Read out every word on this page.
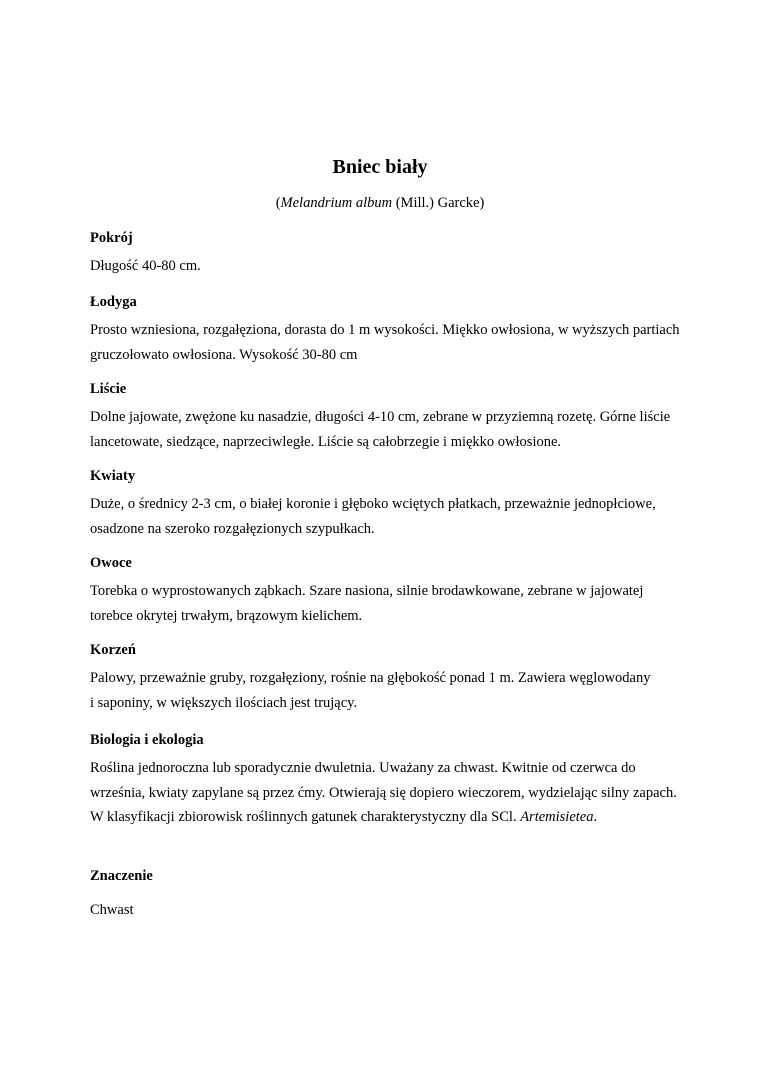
Bniec biały

(Melandrium album (Mill.) Garcke)

Pokrój

Długość 40-80 cm.

Łodyga

Prosto wzniesiona, rozgałęziona, dorasta do 1 m wysokości. Miękko owłosiona, w wyższych partiach

gruczołowato owłosiona. Wysokość 30-80 cm

Liście

Dolne jajowate, zwężone ku nasadzie, długości 4-10 cm, zebrane w przyziemną rozetę. Górne liście

lancetowate, siedzące, naprzeciwległe. Liście są całobrzegie i miękko owłosione.

Kwiaty

Duże, o średnicy 2-3 cm, o białej koronie i głęboko wciętych płatkach, przeważnie jednopłciowe,

osadzone na szeroko rozgałęzionych szypułkach.

Owoce

Torebka o wyprostowanych ząbkach. Szare nasiona, silnie brodawkowane, zebrane w jajowatej

torebce okrytej trwałym, brązowym kielichem.

Korzeń

Palowy, przeważnie gruby, rozgałęziony, rośnie na głębokość ponad 1 m. Zawiera węglowodany

i saponiny, w większych ilościach jest trujący.

Biologia i ekologia

Roślina jednoroczna lub sporadycznie dwuletnia. Uważany za chwast. Kwitnie od czerwca do

września, kwiaty zapylane są przez ćmy. Otwierają się dopiero wieczorem, wydzielając silny zapach.

W klasyfikacji zbiorowisk roślinnych gatunek charakterystyczny dla SCl. Artemisietea.

Znaczenie

Chwast
